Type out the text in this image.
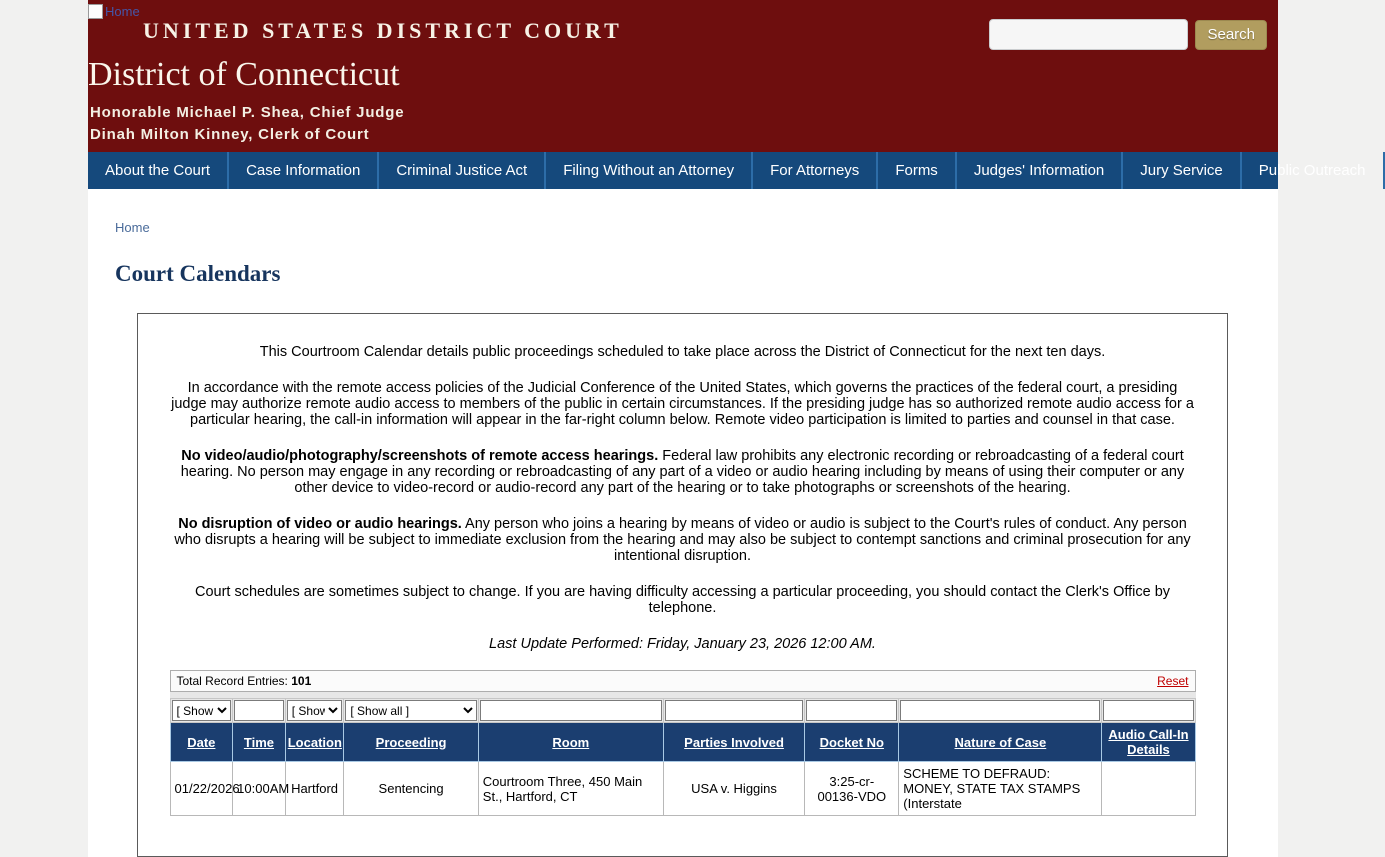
Home
UNITED STATES DISTRICT COURT
District of Connecticut
Honorable Michael P. Shea, Chief Judge
Dinah Milton Kinney, Clerk of Court
Search
About the Court	Case Information	Criminal Justice Act	Filing Without an Attorney	For Attorneys	Forms	Judges' Information	Jury Service	Public Outreach
Home
Court Calendars

This Courtroom Calendar details public proceedings scheduled to take place across the District of Connecticut for the next ten days.

In accordance with the remote access policies of the Judicial Conference of the United States, which governs the practices of the federal court, a presiding judge may authorize remote audio access to members of the public in certain circumstances. If the presiding judge has so authorized remote audio access for a particular hearing, the call-in information will appear in the far-right column below. Remote video participation is limited to parties and counsel in that case.

No video/audio/photography/screenshots of remote access hearings. Federal law prohibits any electronic recording or rebroadcasting of a federal court hearing. No person may engage in any recording or rebroadcasting of any part of a video or audio hearing including by means of using their computer or any other device to video-record or audio-record any part of the hearing or to take photographs or screenshots of the hearing.

No disruption of video or audio hearings. Any person who joins a hearing by means of video or audio is subject to the Court's rules of conduct. Any person who disrupts a hearing will be subject to immediate exclusion from the hearing and may also be subject to contempt sanctions and criminal prosecution for any intentional disruption.

Court schedules are sometimes subject to change. If you are having difficulty accessing a particular proceeding, you should contact the Clerk's Office by telephone.

Last Update Performed: Friday, January 23, 2026 12:00 AM.

Total Record Entries: 101	Reset
[ Show all ]		
[ Show all ]	
[ Show all ]					
Date	Time	Location	Proceeding	Room	Parties Involved	Docket No	Nature of Case	Audio Call-In Details
01/22/2026	10:00AM	Hartford	Sentencing	Courtroom Three, 450 Main St., Hartford, CT	USA v. Higgins	3:25-cr-00136-VDO	SCHEME TO DEFRAUD: MONEY, STATE TAX STAMPS (Interstate	
